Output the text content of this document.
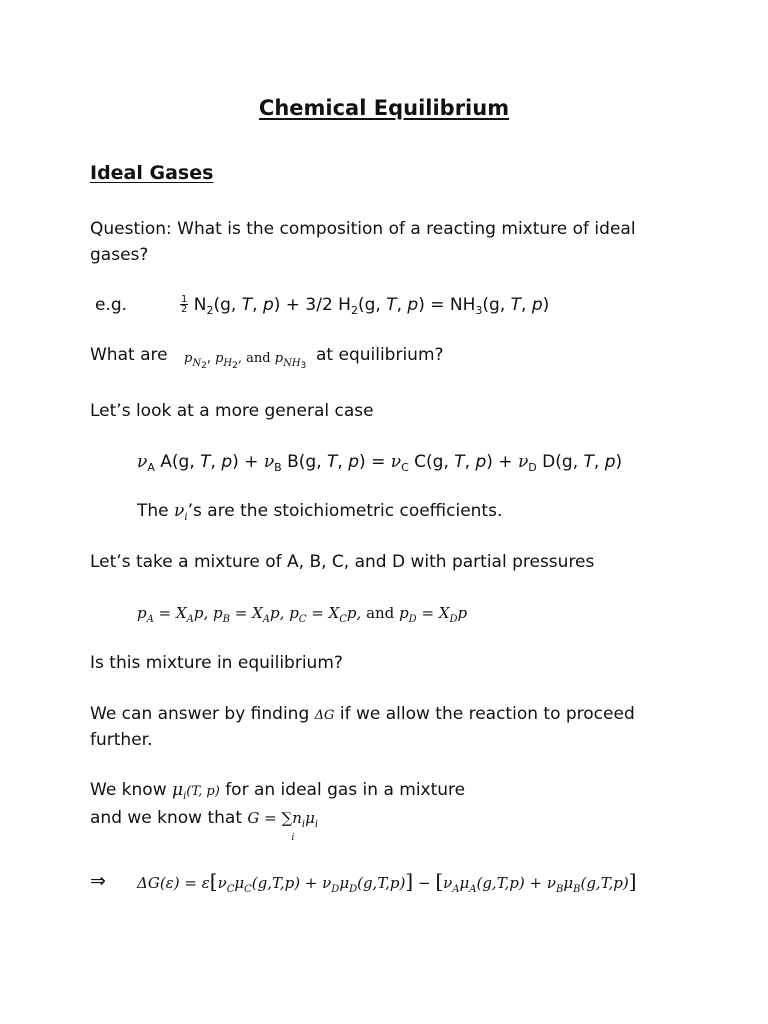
Chemical Equilibrium
Ideal Gases
Question: What is the composition of a reacting mixture of ideal
gases?
e.g.	$\frac{1}{2} N_2(g$, T, p) + 3/2 $H_2(g$, T, $p) = NH_3(g$, T, p)
What are $p_{N2}$, $p_{H2}$, and $p_{NH3}$
at equilibrium?
Let’s look at a more general case
$\nu_A$ A(g, T, $p) + \nu_B$ B(g, T, $p) = \nu_C$ C(g, T, $p) + \nu_D$ D(g, T, p)
The $\nu_i’s$ are the stoichiometric coefficients.
Let’s take a mixture of A, B, C, and D with partial pressures
$p_A = X_Ap$, $p_B = X_Ap$, $p_C = X_Cp$, and $p_D = X_Dp$
Is this mixture in equilibrium?
We can answer by finding ΔG if we allow the reaction to proceed
further.
We know $\mu_i(T$, p) for an ideal gas in a mixture
and we know that G = ∑
i
$n_i\mu_i$
⇒ $\Delta G(\varepsilon) = \varepsilon[\nu_C\mu_C(g,T,p) + \nu_D\mu_D(g,T,p)] - [\nu_A\mu_A(g,T,p) + \nu_B\mu_B(g,T,p)]$
